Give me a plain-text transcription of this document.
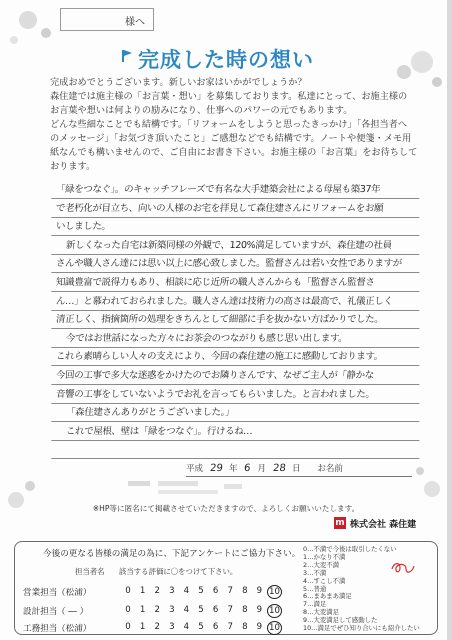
様へ
完成した時の想い
完成おめでとうございます。新しいお家はいかがでしょうか？
森住建では施主様の「お言葉・想い」を募集しております。私達にとって、お施主様の
お言葉や想いは何よりの励みになり、仕事へのパワーの元でもあります。
どんな些細なことでも結構です。「リフォームをしようと思ったきっかけ」「各担当者へ
のメッセージ」「お気づき頂いたこと」ご感想などでも結構です。ノートや便箋・メモ用
紙なんでも構いませんので、ご自由にお書き下さい。お施主様の「お言葉」をお待ちして
おります。
「緑をつなぐ」。のキャッチフレーズで有名な大手建築会社による母屋も築37年
で老朽化が目立ち、向いの人様のお宅を拝見して森住建さんにリフォームをお願
いしました。
新しくなった自宅は新築同様の外観で、120%満足していますが、森住建の社員
さんや職人さん達には思い以上に感心致しました。監督さんは若い女性でありますが
知識豊富で説得力もあり、相談に応じ近所の職人さんからも「監督さん監督さ
ん…」と慕われておられました。職人さん達は技術力の高さは最高で、礼儀正しく
清正しく、指摘箇所の処理をきちんとして細部に手を抜かない方ばかりでした。
今ではお世話になった方々にお茶会のつながりも感じ思い出します。
これら素晴らしい人々の支えにより、今回の森住建の施工に感動しております。
今回の工事で多大な迷惑をかけたのでお隣りさんです、なぜご主人が「静かな
音響の工事をしていないようでお礼を言ってもらいました。と言われました。
「森住建さんありがとうございました。」
これで屋根、壁は「緑をつなぐ」。行けるね…
平成 29 年 6 月 28 日 お名前
※HP等に匿名にて掲載させていただきますので、よろしくお願いいたします。
m 株式会社 森住建
今後の更なる皆様の満足の為に、下記アンケートにご協力下さい。
担当者名 該当する評価に〇をつけて下さい。
営業担当（松浦）	0	1	2	3	4	5	6	7	8	9 10
設計担当（ ― ）	0	1	2	3	4	5	6	7	8	9 10
工務担当（松浦）	0	1	2	3	4	5	6	7	8	9 10
0…不満で今後は取引したくない
1…かなり不満
2…大変不満
3…不満
4…すこし不満
5…普通
6…まあまあ満足
7…満足
8…大変満足
9…大変満足して感動した
10…満足でぜひ知り合いにも紹介したい
